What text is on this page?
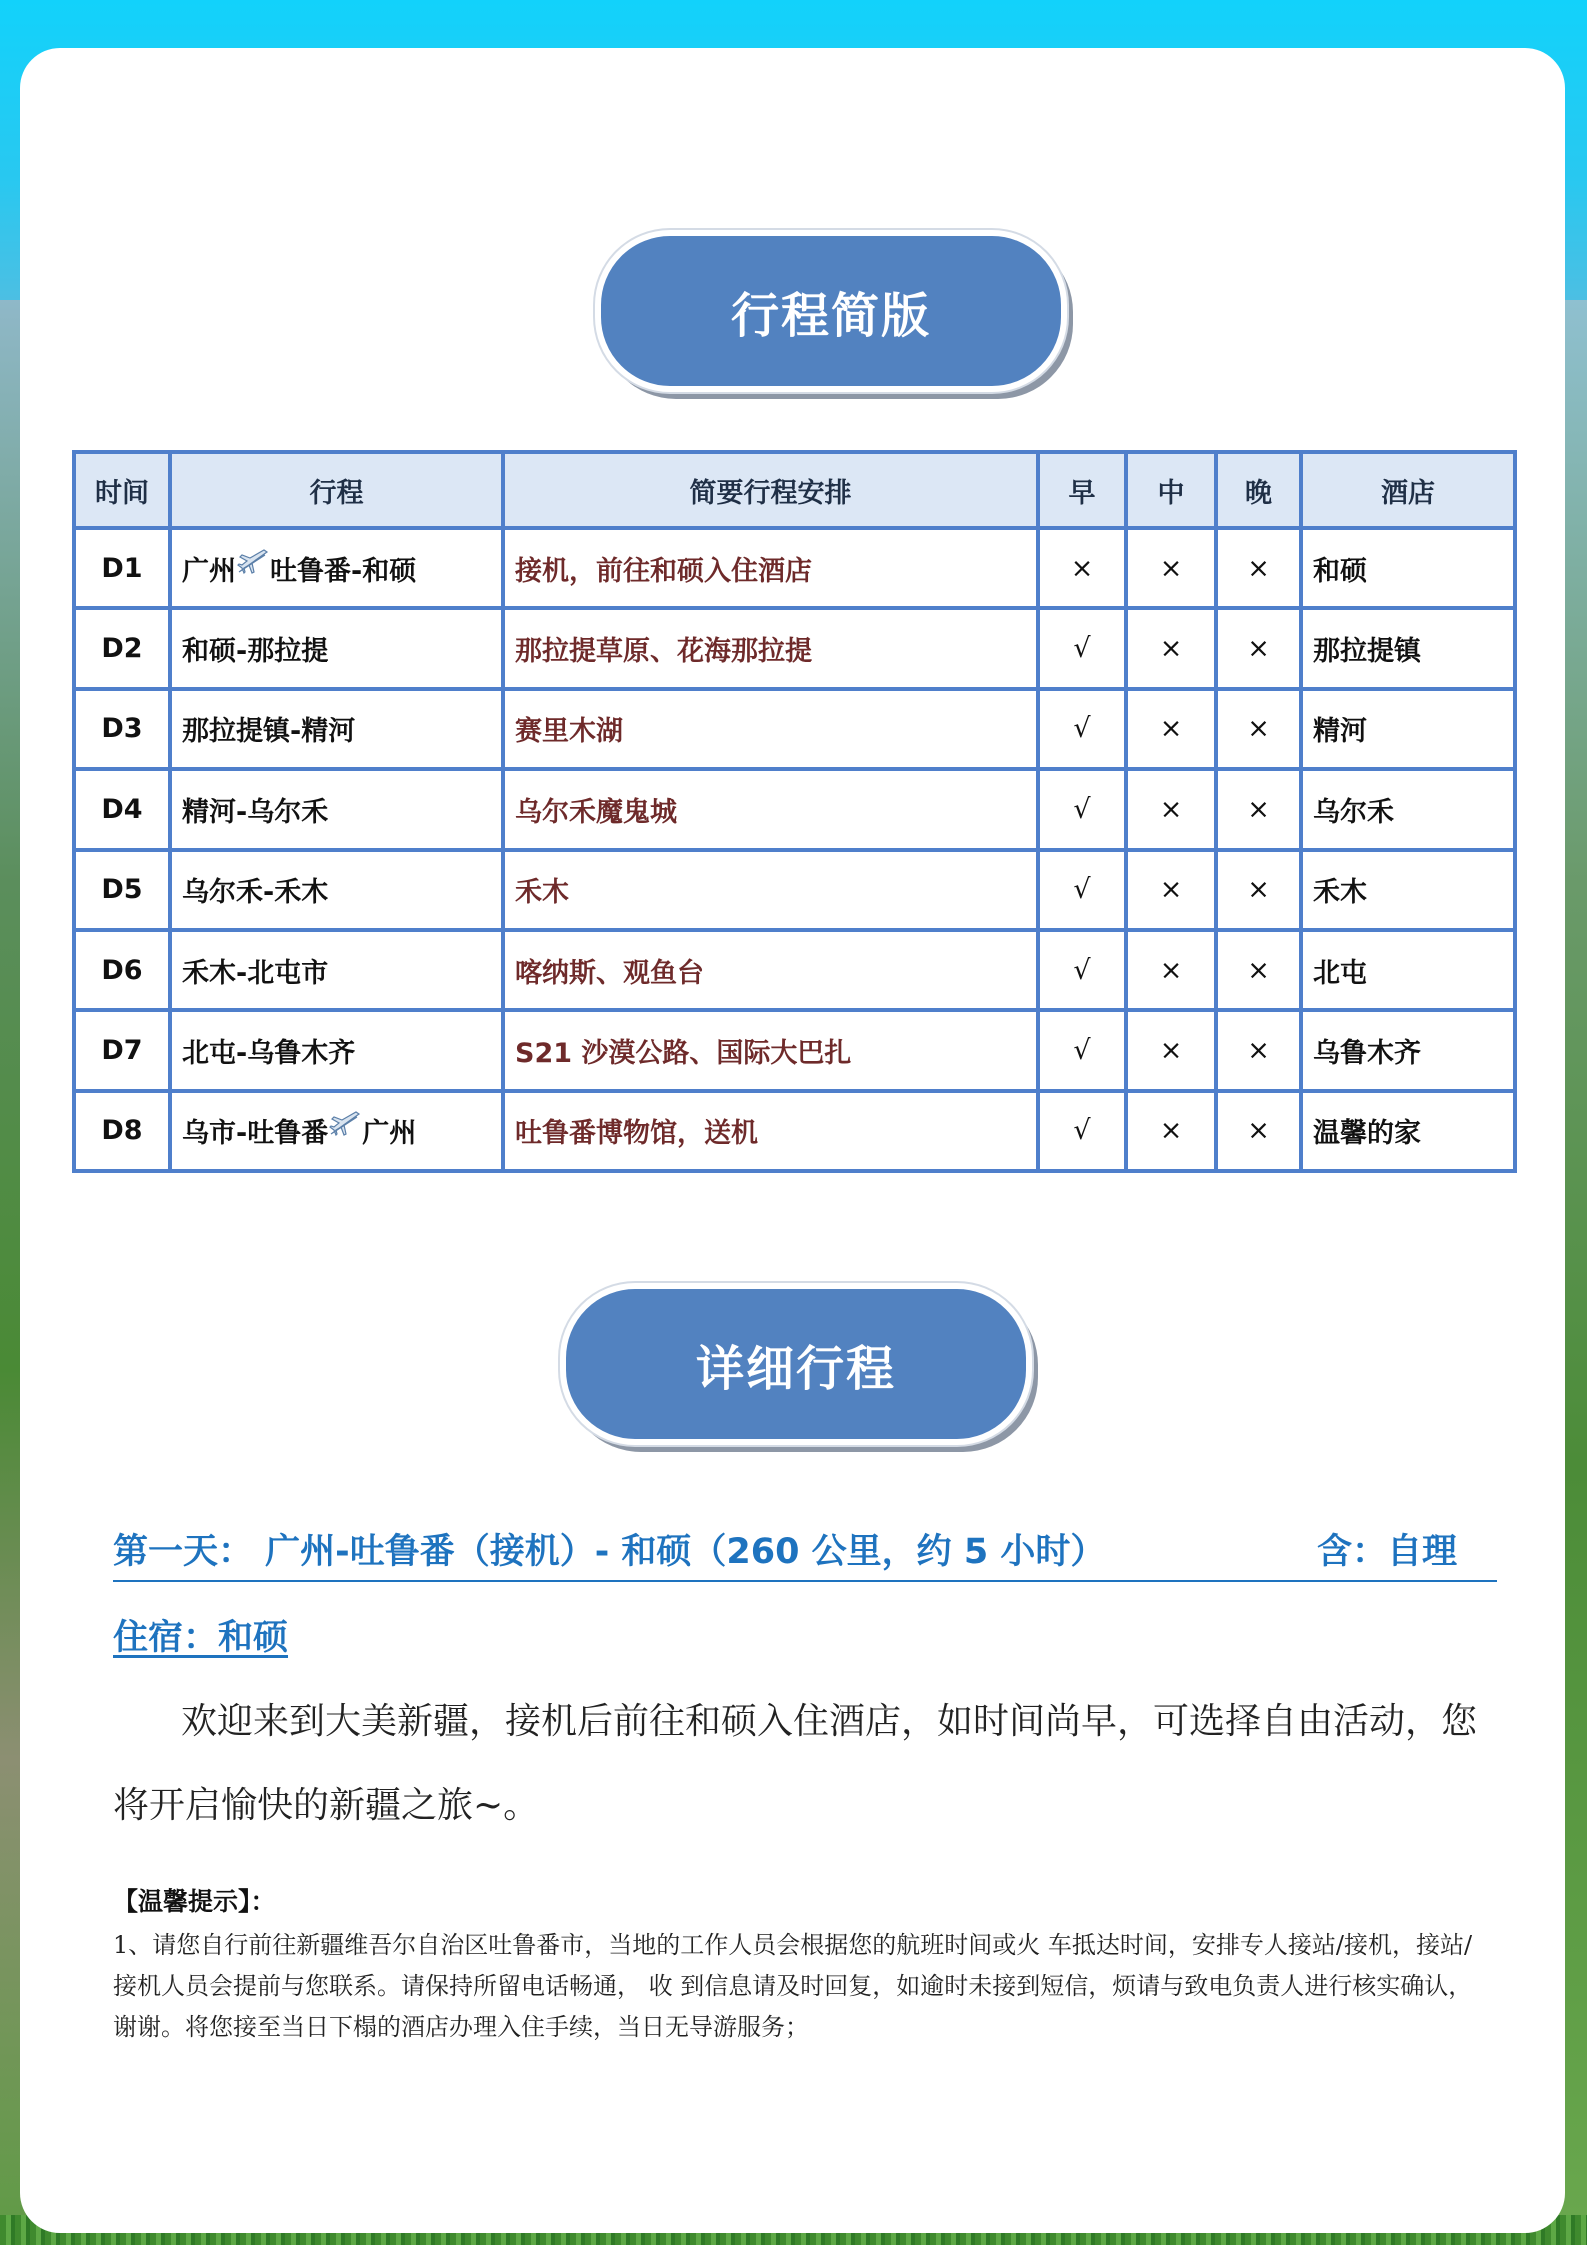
行程简版
时间	行程	简要行程安排	早	中	晚	酒店
D1	广州 吐鲁番-和硕	接机，前往和硕入住酒店	×	×	×	和硕
D2	和硕-那拉提	那拉提草原、花海那拉提	√	×	×	那拉提镇
D3	那拉提镇-精河	赛里木湖	√	×	×	精河
D4	精河-乌尔禾	乌尔禾魔鬼城	√	×	×	乌尔禾
D5	乌尔禾-禾木	禾木	√	×	×	禾木
D6	禾木-北屯市	喀纳斯、观鱼台	√	×	×	北屯
D7	北屯-乌鲁木齐	S21 沙漠公路、国际大巴扎	√	×	×	乌鲁木齐
D8	乌市-吐鲁番 广州	吐鲁番博物馆，送机	√	×	×	温馨的家
详细行程
第一天： 广州-吐鲁番（接机）- 和硕（260 公里，约 5 小时）	含：自理
住宿：和硕
欢迎来到大美新疆，接机后前往和硕入住酒店，如时间尚早，可选择自由活动，您将开启愉快的新疆之旅~。
【温馨提示】：
1、请您自行前往新疆维吾尔自治区吐鲁番市，当地的工作人员会根据您的航班时间或火 车抵达时间，安排专人接站/接机，接站/接机人员会提前与您联系。请保持所留电话畅通， 收 到信息请及时回复，如逾时未接到短信，烦请与致电负责人进行核实确认，谢谢。将您接至当日下榻的酒店办理入住手续，当日无导游服务；
